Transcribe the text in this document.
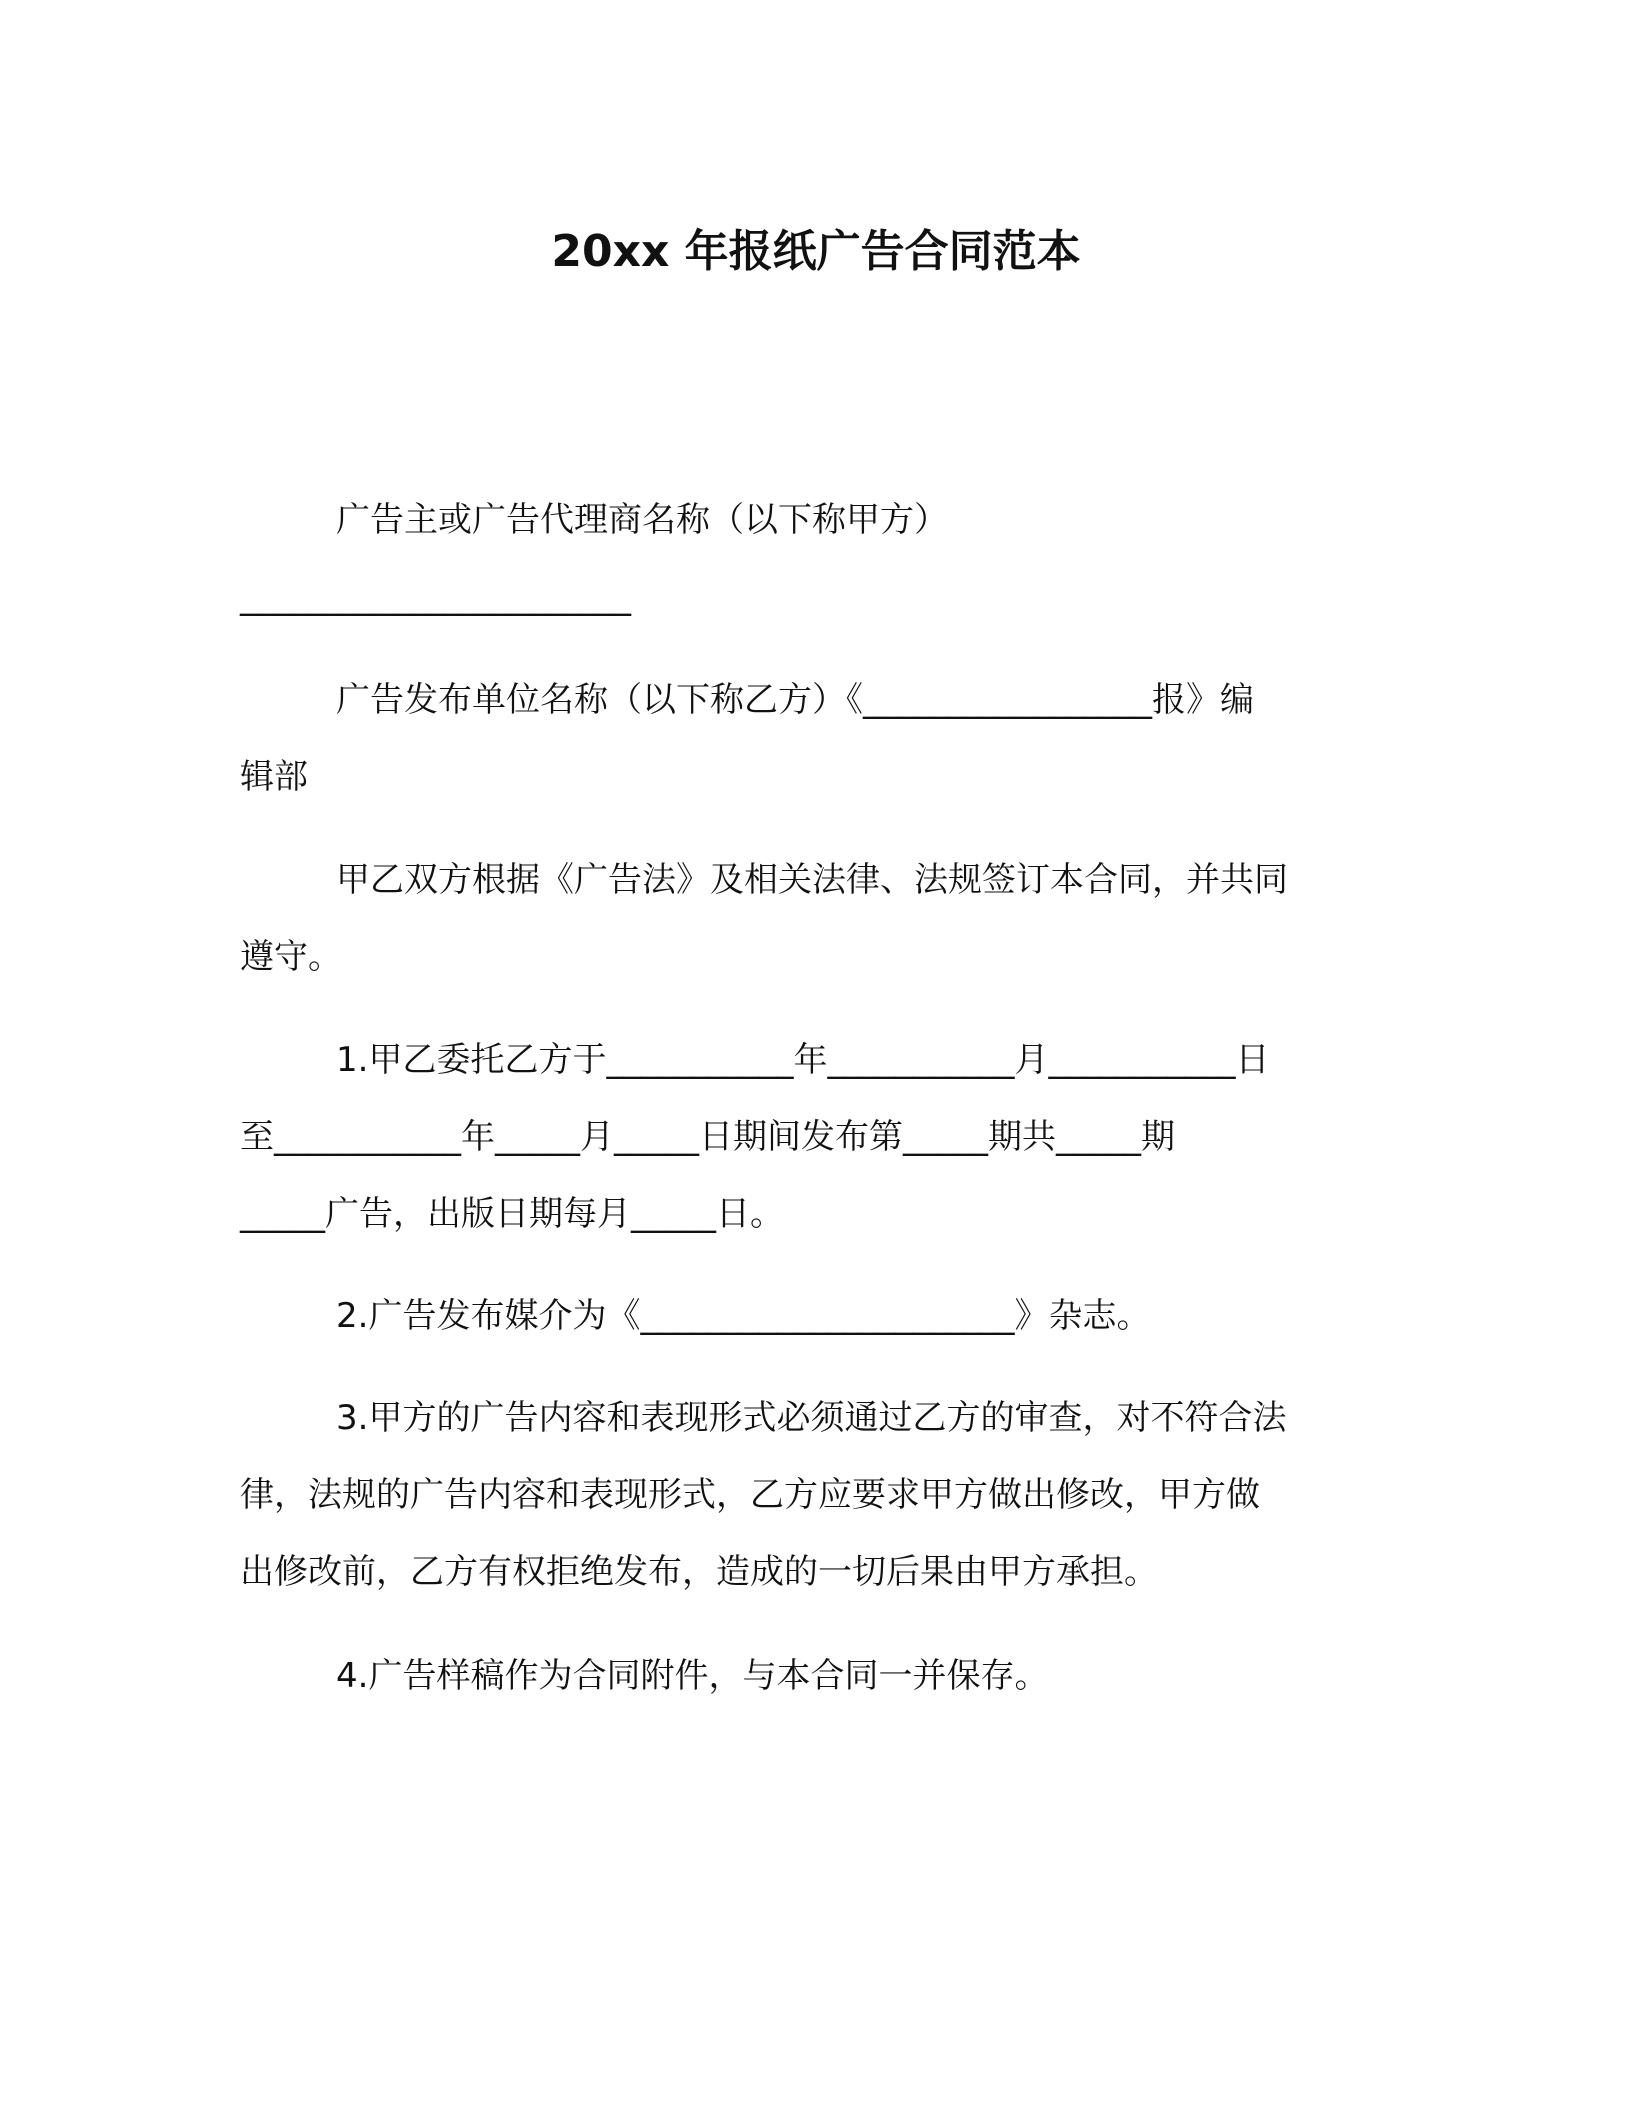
20xx 年报纸广告合同范本
广告主或广告代理商名称（以下称甲方）
_______________________
广告发布单位名称（以下称乙方）《_________________报》编
辑部
甲乙双方根据《广告法》及相关法律、法规签订本合同，并共同
遵守。
1.甲乙委托乙方于___________年___________月___________日
至___________年_____月_____日期间发布第_____期共_____期
_____广告，出版日期每月_____日。
2.广告发布媒介为《______________________》杂志。
3.甲方的广告内容和表现形式必须通过乙方的审查，对不符合法
律，法规的广告内容和表现形式，乙方应要求甲方做出修改，甲方做
出修改前，乙方有权拒绝发布，造成的一切后果由甲方承担。
4.广告样稿作为合同附件，与本合同一并保存。
